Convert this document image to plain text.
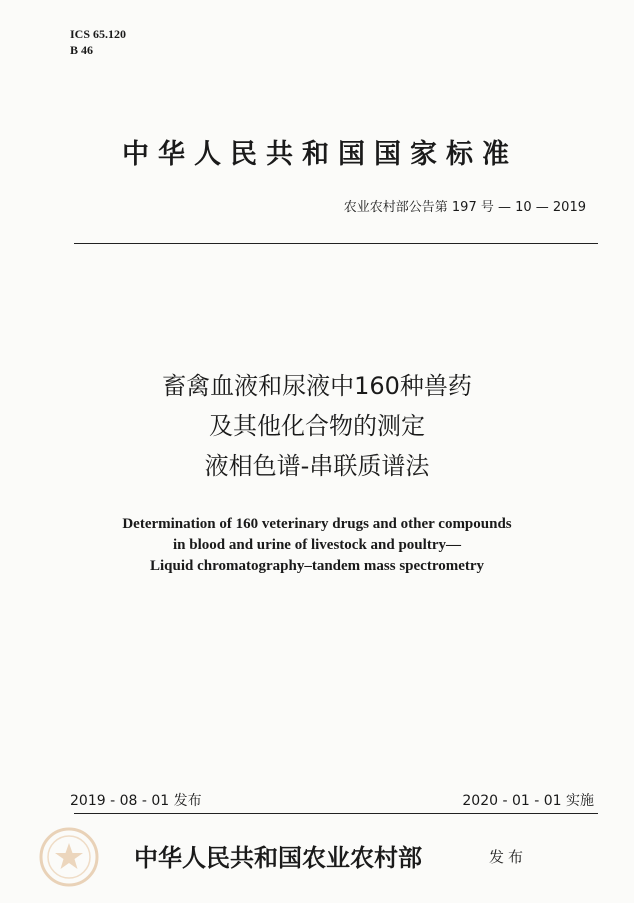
ICS 65.120
B 46
中华人民共和国国家标准
农业农村部公告第 197 号 — 10 — 2019
畜禽血液和尿液中160种兽药
及其他化合物的测定
液相色谱-串联质谱法
Determination of 160 veterinary drugs and other compounds
in blood and urine of livestock and poultry—
Liquid chromatography–tandem mass spectrometry
2019 - 08 - 01 发布	2020 - 01 - 01 实施
中华人民共和国农业农村部	发布
